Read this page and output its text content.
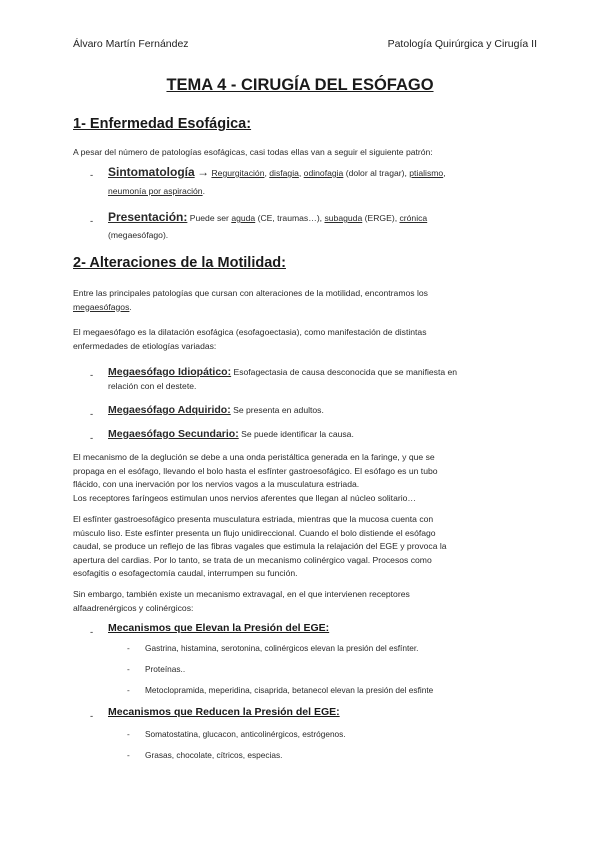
Álvaro Martín Fernández	Patología Quirúrgica y Cirugía II
TEMA 4 - CIRUGÍA DEL ESÓFAGO
1- Enfermedad Esofágica:
A pesar del número de patologías esofágicas, casi todas ellas van a seguir el siguiente patrón:
- Sintomatología → Regurgitación, disfagia, odinofagia (dolor al tragar), ptialismo,
neumonía por aspiración.
- Presentación: Puede ser aguda (CE, traumas…), subaguda (ERGE), crónica
(megaesófago).
2- Alteraciones de la Motilidad:
Entre las principales patologías que cursan con alteraciones de la motilidad, encontramos los
megaesófagos.
El megaesófago es la dilatación esofágica (esofagoectasia), como manifestación de distintas
enfermedades de etiologías variadas:
- Megaesófago Idiopático: Esofagectasia de causa desconocida que se manifiesta en
relación con el destete.
- Megaesófago Adquirido: Se presenta en adultos.
- Megaesófago Secundario: Se puede identificar la causa.
El mecanismo de la deglución se debe a una onda peristáltica generada en la faringe, y que se
propaga en el esófago, llevando el bolo hasta el esfínter gastroesofágico. El esófago es un tubo
flácido, con una inervación por los nervios vagos a la musculatura estriada.
Los receptores faríngeos estimulan unos nervios aferentes que llegan al núcleo solitario…
El esfínter gastroesofágico presenta musculatura estriada, mientras que la mucosa cuenta con
músculo liso. Este esfínter presenta un flujo unidireccional. Cuando el bolo distiende el esófago
caudal, se produce un reflejo de las fibras vagales que estimula la relajación del EGE y provoca la
apertura del cardias. Por lo tanto, se trata de un mecanismo colinérgico vagal. Procesos como
esofagitis o esofagectomía caudal, interrumpen su función.
Sin embargo, también existe un mecanismo extravagal, en el que intervienen receptores
alfaadrenérgicos y colinérgicos:
- Mecanismos que Elevan la Presión del EGE:
- Gastrina, histamina, serotonina, colinérgicos elevan la presión del esfínter.
- Proteínas..
- Metoclopramida, meperidina, cisaprida, betanecol elevan la presión del esfinte
- Mecanismos que Reducen la Presión del EGE:
- Somatostatina, glucacon, anticolinérgicos, estrógenos.
- Grasas, chocolate, cítricos, especias.
